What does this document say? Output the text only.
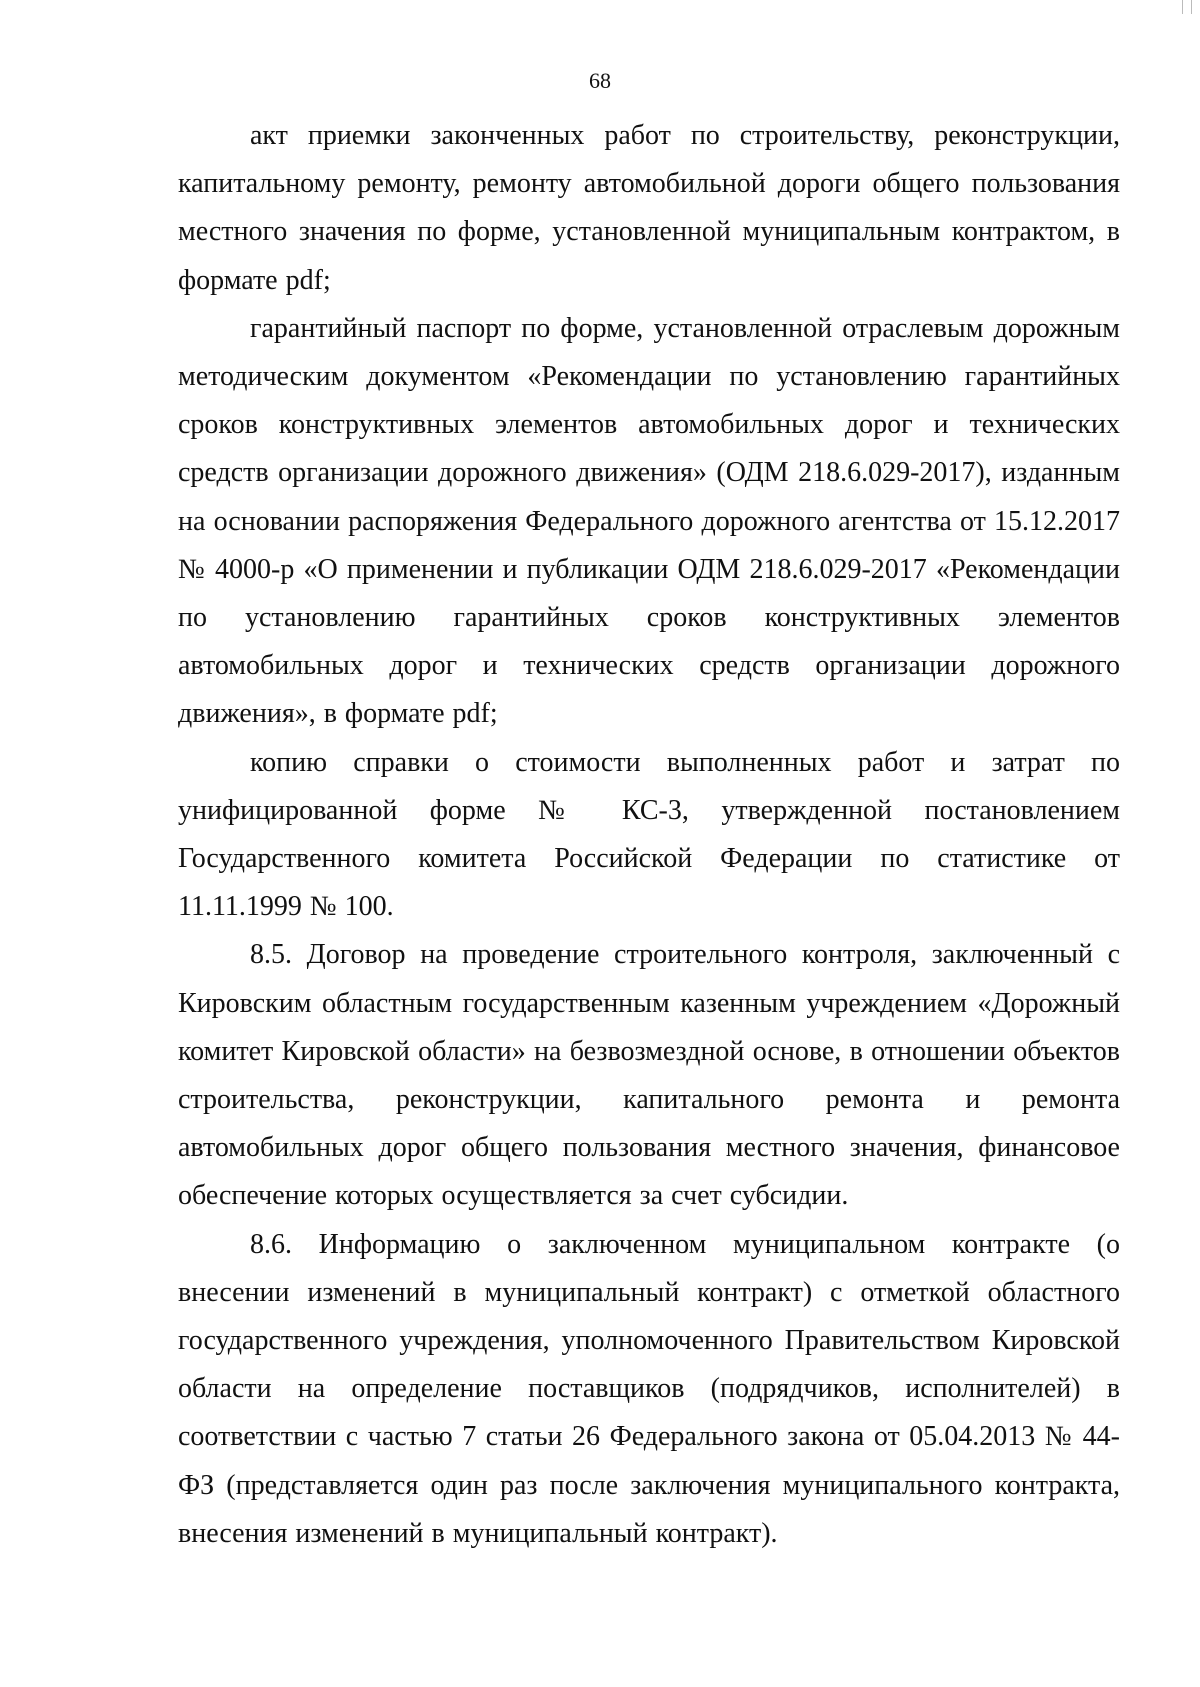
68

акт приемки законченных работ по строительству, реконструкции, капитальному ремонту, ремонту автомобильной дороги общего пользования местного значения по форме, установленной муниципальным контрактом, в формате pdf;

гарантийный паспорт по форме, установленной отраслевым дорожным методическим документом «Рекомендации по установлению гарантийных сроков конструктивных элементов автомобильных дорог и технических средств организации дорожного движения» (ОДМ 218.6.029-2017), изданным на основании распоряжения Федерального дорожного агентства от 15.12.2017 № 4000-р «О применении и публикации ОДМ 218.6.029-2017 «Рекомендации по установлению гарантийных сроков конструктивных элементов автомобильных дорог и технических средств организации дорожного движения», в формате pdf;

копию справки о стоимости выполненных работ и затрат по унифицированной форме № КС-3, утвержденной постановлением Государственного комитета Российской Федерации по статистике от 11.11.1999 № 100.

8.5. Договор на проведение строительного контроля, заключенный с Кировским областным государственным казенным учреждением «Дорожный комитет Кировской области» на безвозмездной основе, в отношении объектов строительства, реконструкции, капитального ремонта и ремонта автомобильных дорог общего пользования местного значения, финансовое обеспечение которых осуществляется за счет субсидии.

8.6. Информацию о заключенном муниципальном контракте (о внесении изменений в муниципальный контракт) с отметкой областного государственного учреждения, уполномоченного Правительством Кировской области на определение поставщиков (подрядчиков, исполнителей) в соответствии с частью 7 статьи 26 Федерального закона от 05.04.2013 № 44-ФЗ (представляется один раз после заключения муниципального контракта, внесения изменений в муниципальный контракт).
